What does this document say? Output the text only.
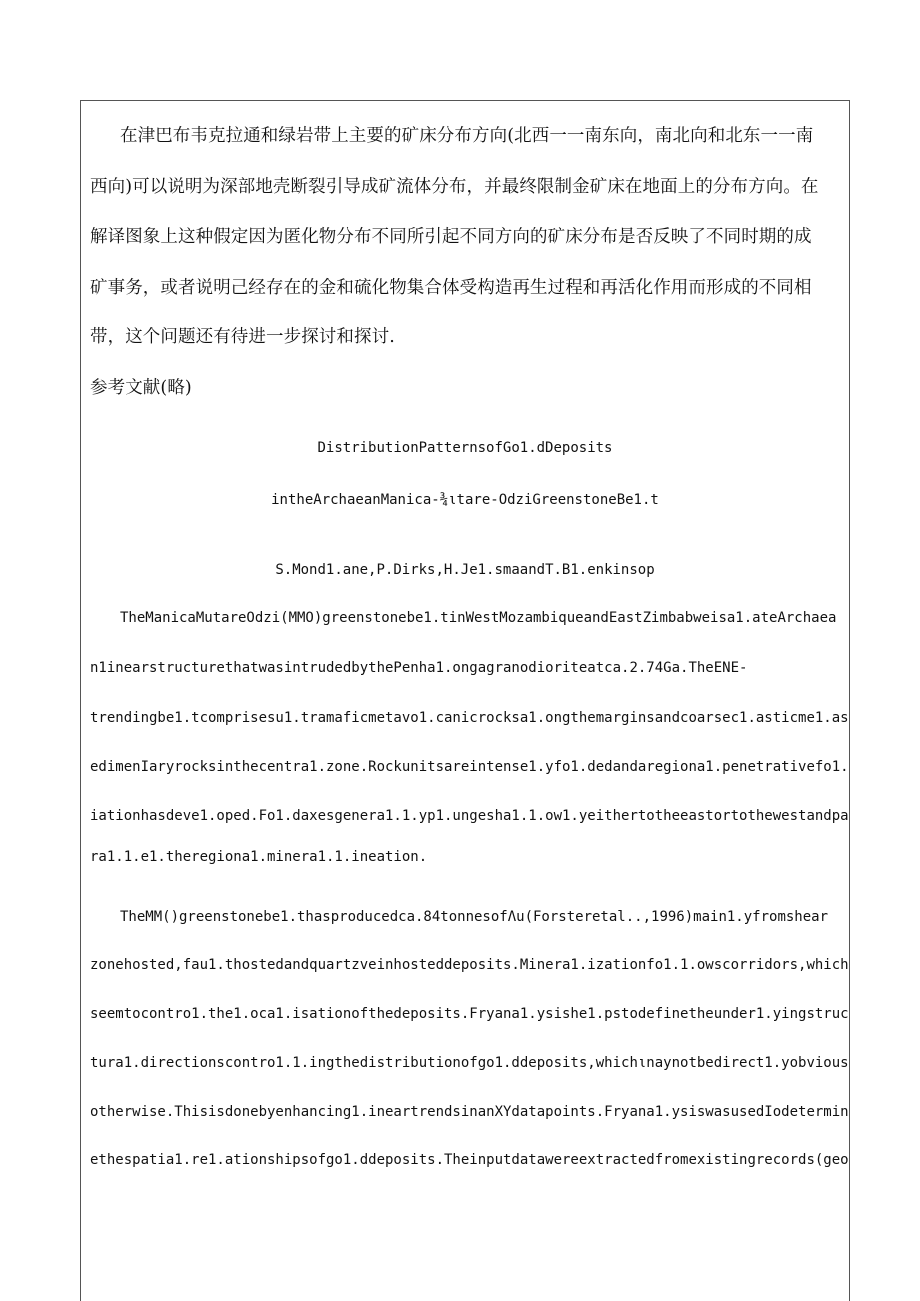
在津巴布韦克拉通和绿岩带上主要的矿床分布方向(北西一一南东向，南北向和北东一一南
西向)可以说明为深部地壳断裂引导成矿流体分布，并最终限制金矿床在地面上的分布方向。在
解译图象上这种假定因为匿化物分布不同所引起不同方向的矿床分布是否反映了不同时期的成
矿事务，或者说明己经存在的金和硫化物集合体受构造再生过程和再活化作用而形成的不同相
带，这个问题还有待进一步探讨和探讨.
参考文献(略)
DistributionPatternsofGo1.dDeposits
intheArchaeanManica-¾ιtare-OdziGreenstoneBe1.t
S.Mond1.ane,P.Dirks,H.Je1.smaandT.B1.enkinsop
TheManicaMutareOdzi(MMO)greenstonebe1.tinWestMozambiqueandEastZimbabweisa1.ateArchaea
n1inearstructurethatwasintrudedbythePenha1.ongagranodioriteatca.2.74Ga.TheENE-
trendingbe1.tcomprisesu1.tramaficmetavo1.canicrocksa1.ongthemarginsandcoarsec1.asticme1.as
edimenIaryrocksinthecentra1.zone.Rockunitsareintense1.yfo1.dedandaregiona1.penetrativefo1.
iationhasdeve1.oped.Fo1.daxesgenera1.1.yp1.ungesha1.1.ow1.yeithertotheeastortothewestandpa
ra1.1.e1.theregiona1.minera1.1.ineation.
TheMM()greenstonebe1.thasproducedca.84tonnesofΛu(Forsteretal..,1996)main1.yfromshear
zonehosted,fau1.thostedandquartzveinhosteddeposits.Minera1.izationfo1.1.owscorridors,which
seemtocontro1.the1.oca1.isationofthedeposits.Fryana1.ysishe1.pstodefinetheunder1.yingstruc
tura1.directionscontro1.1.ingthedistributionofgo1.ddeposits,whichιnaynotbedirect1.yobvious
otherwise.Thisisdonebyenhancing1.ineartrendsinanXYdatapoints.Fryana1.ysiswasusedIodetermin
ethespatia1.re1.ationshipsofgo1.ddeposits.Theinputdatawereextractedfromexistingrecords(geo
